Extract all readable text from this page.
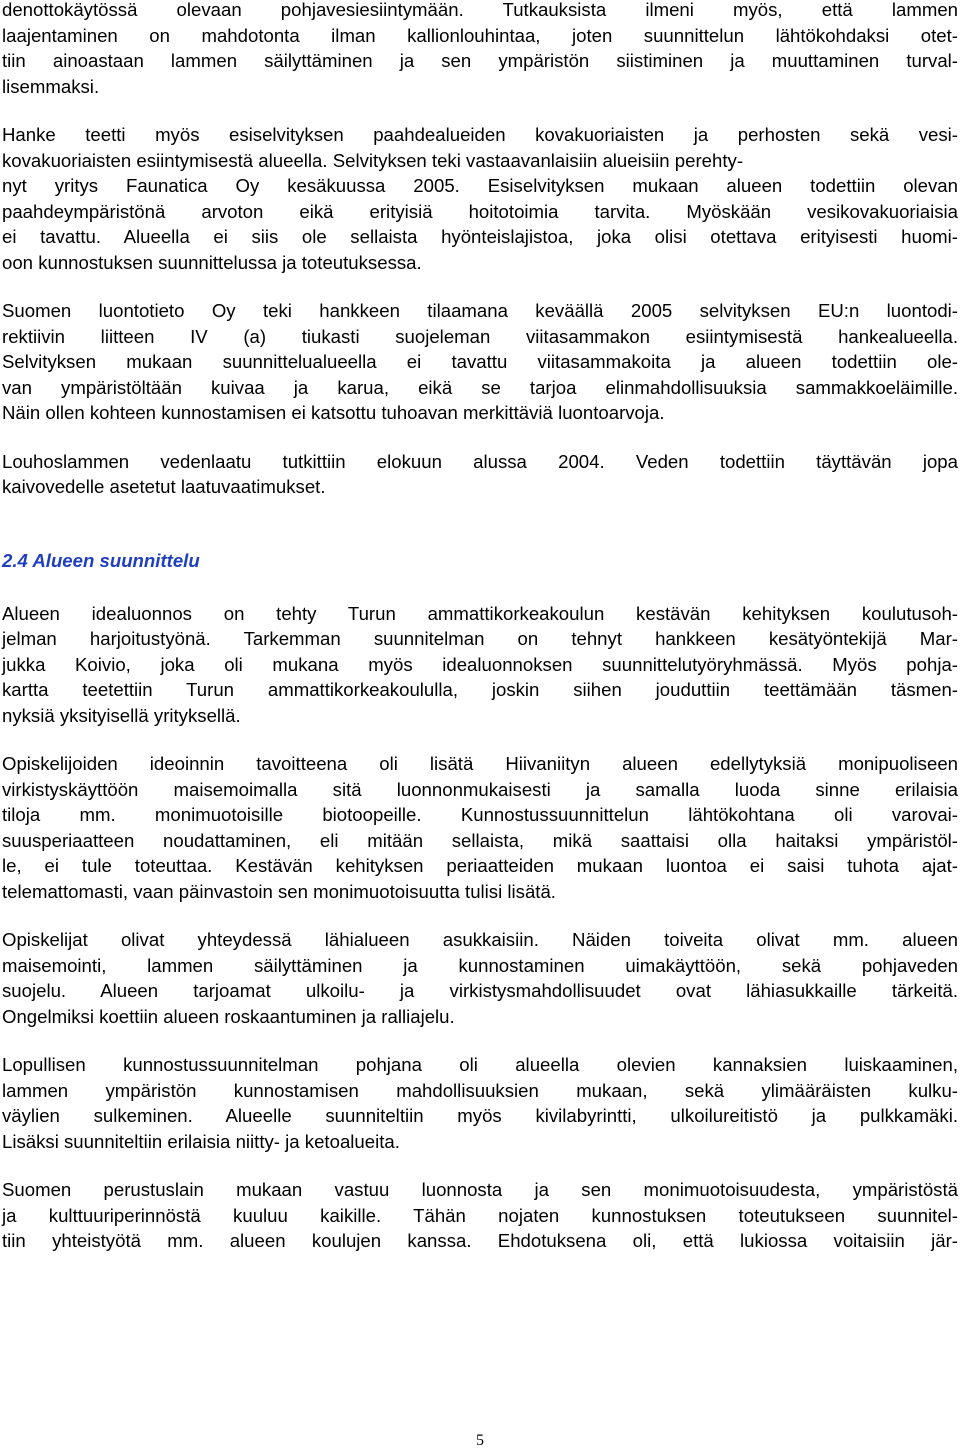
denottokäytössä olevaan pohjavesiesiintymään. Tutkauksista ilmeni myös, että lammen
laajentaminen on mahdotonta ilman kallionlouhintaa, joten suunnittelun lähtökohdaksi otet-
tiin ainoastaan lammen säilyttäminen ja sen ympäristön siistiminen ja muuttaminen turval-
lisemmaksi.
Hanke teetti myös esiselvityksen paahdealueiden kovakuoriaisten ja perhosten sekä vesi-
kovakuoriaisten esiintymisestä alueella. Selvityksen teki vastaavanlaisiin alueisiin perehty-
nyt yritys Faunatica Oy kesäkuussa 2005. Esiselvityksen mukaan alueen todettiin olevan
paahdeympäristönä arvoton eikä erityisiä hoitotoimia tarvita. Myöskään vesikovakuoriaisia
ei tavattu. Alueella ei siis ole sellaista hyönteislajistoa, joka olisi otettava erityisesti huomi-
oon kunnostuksen suunnittelussa ja toteutuksessa.
Suomen luontotieto Oy teki hankkeen tilaamana keväällä 2005 selvityksen EU:n luontodi-
rektiivin liitteen IV (a) tiukasti suojeleman viitasammakon esiintymisestä hankealueella.
Selvityksen mukaan suunnittelualueella ei tavattu viitasammakoita ja alueen todettiin ole-
van ympäristöltään kuivaa ja karua, eikä se tarjoa elinmahdollisuuksia sammakkoeläimille.
Näin ollen kohteen kunnostamisen ei katsottu tuhoavan merkittäviä luontoarvoja.
Louhoslammen vedenlaatu tutkittiin elokuun alussa 2004. Veden todettiin täyttävän jopa
kaivovedelle asetetut laatuvaatimukset.
2.4 Alueen suunnittelu
Alueen idealuonnos on tehty Turun ammattikorkeakoulun kestävän kehityksen koulutusoh-
jelman harjoitustyönä. Tarkemman suunnitelman on tehnyt hankkeen kesätyöntekijä Mar-
jukka Koivio, joka oli mukana myös idealuonnoksen suunnittelutyöryhmässä. Myös pohja-
kartta teetettiin Turun ammattikorkeakoululla, joskin siihen jouduttiin teettämään täsmen-
nyksiä yksityisellä yrityksellä.
Opiskelijoiden ideoinnin tavoitteena oli lisätä Hiivaniityn alueen edellytyksiä monipuoliseen
virkistyskäyttöön maisemoimalla sitä luonnonmukaisesti ja samalla luoda sinne erilaisia
tiloja mm. monimuotoisille biotoopeille. Kunnostussuunnittelun lähtökohtana oli varovai-
suusperiaatteen noudattaminen, eli mitään sellaista, mikä saattaisi olla haitaksi ympäristöl-
le, ei tule toteuttaa. Kestävän kehityksen periaatteiden mukaan luontoa ei saisi tuhota ajat-
telemattomasti, vaan päinvastoin sen monimuotoisuutta tulisi lisätä.
Opiskelijat olivat yhteydessä lähialueen asukkaisiin. Näiden toiveita olivat mm. alueen
maisemointi, lammen säilyttäminen ja kunnostaminen uimakäyttöön, sekä pohjaveden
suojelu. Alueen tarjoamat ulkoilu- ja virkistysmahdollisuudet ovat lähiasukkaille tärkeitä.
Ongelmiksi koettiin alueen roskaantuminen ja ralliajelu.
Lopullisen kunnostussuunnitelman pohjana oli alueella olevien kannaksien luiskaaminen,
lammen ympäristön kunnostamisen mahdollisuuksien mukaan, sekä ylimääräisten kulku-
väylien sulkeminen. Alueelle suunniteltiin myös kivilabyrintti, ulkoilureitistö ja pulkkamäki.
Lisäksi suunniteltiin erilaisia niitty- ja ketoalueita.
Suomen perustuslain mukaan vastuu luonnosta ja sen monimuotoisuudesta, ympäristöstä
ja kulttuuriperinnöstä kuuluu kaikille. Tähän nojaten kunnostuksen toteutukseen suunnitel-
tiin yhteistyötä mm. alueen koulujen kanssa. Ehdotuksena oli, että lukiossa voitaisiin jär-
5
